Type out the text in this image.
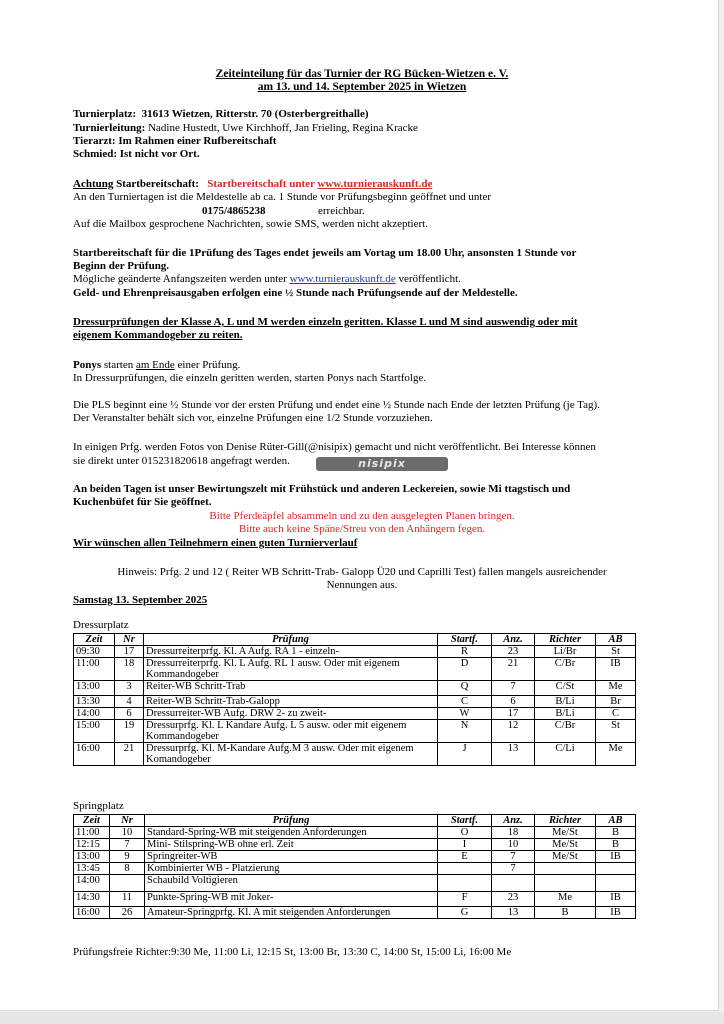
Zeiteinteilung für das Turnier der RG Bücken-Wietzen e. V.
am 13. und 14. September 2025 in Wietzen
Turnierplatz: 31613 Wietzen, Ritterstr. 70 (Osterbergreithalle)
Turnierleitung: Nadine Hustedt, Uwe Kirchhoff, Jan Frieling, Regina Kracke
Tierarzt: Im Rahmen einer Rufbereitschaft
Schmied: Ist nicht vor Ort.
Achtung Startbereitschaft: Startbereitschaft unter www.turnierauskunft.de
An den Turniertagen ist die Meldestelle ab ca. 1 Stunde vor Prüfungsbeginn geöffnet und unter
0175/4865238	erreichbar.
Auf die Mailbox gesprochene Nachrichten, sowie SMS, werden nicht akzeptiert.
Startbereitschaft für die 1Prüfung des Tages endet jeweils am Vortag um 18.00 Uhr, ansonsten 1 Stunde vor
Beginn der Prüfung.
Mögliche geänderte Anfangszeiten werden unter www.turnierauskunft.de veröffentlicht.
Geld- und Ehrenpreisausgaben erfolgen eine ½ Stunde nach Prüfungsende auf der Meldestelle.
Dressurprüfungen der Klasse A, L und M werden einzeln geritten. Klasse L und M sind auswendig oder mit
eigenem Kommandogeber zu reiten.
Ponys starten am Ende einer Prüfung.
In Dressurprüfungen, die einzeln geritten werden, starten Ponys nach Startfolge.
Die PLS beginnt eine ½ Stunde vor der ersten Prüfung und endet eine ½ Stunde nach Ende der letzten Prüfung (je Tag).
Der Veranstalter behält sich vor, einzelne Prüfungen eine 1/2 Stunde vorzuziehen.
In einigen Prfg. werden Fotos von Denise Rüter-Gill(@nisipix) gemacht und nicht veröffentlicht. Bei Interesse können
sie direkt unter 015231820618 angefragt werden.	nisipix
An beiden Tagen ist unser Bewirtungszelt mit Frühstück und anderen Leckereien, sowie Mi ttagstisch und
Kuchenbüfet für Sie geöffnet.
Bitte Pferdeäpfel absammeln und zu den ausgelegten Planen bringen.
Bitte auch keine Späne/Streu von den Anhängern fegen.
Wir wünschen allen Teilnehmern einen guten Turnierverlauf
Hinweis: Prfg. 2 und 12 ( Reiter WB Schritt-Trab- Galopp Ü20 und Caprilli Test) fallen mangels ausreichender
Nennungen aus.
Samstag 13. September 2025
Dressurplatz
Zeit	Nr	Prüfung	Startf.	Anz.	Richter	AB
09:30	17	Dressurreiterprfg. Kl. A Aufg. RA 1 - einzeln-	R	23	Li/Br	St
11:00	18	Dressurreiterprfg. Kl. L Aufg. RL 1 ausw. Oder mit eigenem Kommandogeber	D	21	C/Br	IB
13:00	3	Reiter-WB Schritt-Trab	Q	7	C/St	Me
13:30	4	Reiter-WB Schritt-Trab-Galopp	C	6	B/Li	Br
14:00	6	Dressurreiter-WB Aufg. DRW 2- zu zweit-	W	17	B/Li	C
15:00	19	Dressurprfg. Kl. L Kandare Aufg. L 5 ausw. oder mit eigenem Kommandogeber	N	12	C/Br	St
16:00	21	Dressurprfg. Kl. M-Kandare Aufg.M 3 ausw. Oder mit eigenem Komandogeber	J	13	C/Li	Me
Springplatz
Zeit	Nr	Prüfung	Startf.	Anz.	Richter	AB
11:00	10	Standard-Spring-WB mit steigenden Anforderungen	O	18	Me/St	B
12:15	7	Mini- Stilspring-WB ohne erl. Zeit	I	10	Me/St	B
13:00	9	Springreiter-WB	E	7	Me/St	IB
13:45	8	Kombinierter WB - Platzierung		7		
14:00		Schaubild Voltigieren				
14:30	11	Punkte-Spring-WB mit Joker-	F	23	Me	IB
16:00	26	Amateur-Springprfg. Kl. A mit steigenden Anforderungen	G	13	B	IB
Prüfungsfreie Richter:9:30 Me, 11:00 Li, 12:15 St, 13:00 Br, 13:30 C, 14:00 St, 15:00 Li, 16:00 Me
